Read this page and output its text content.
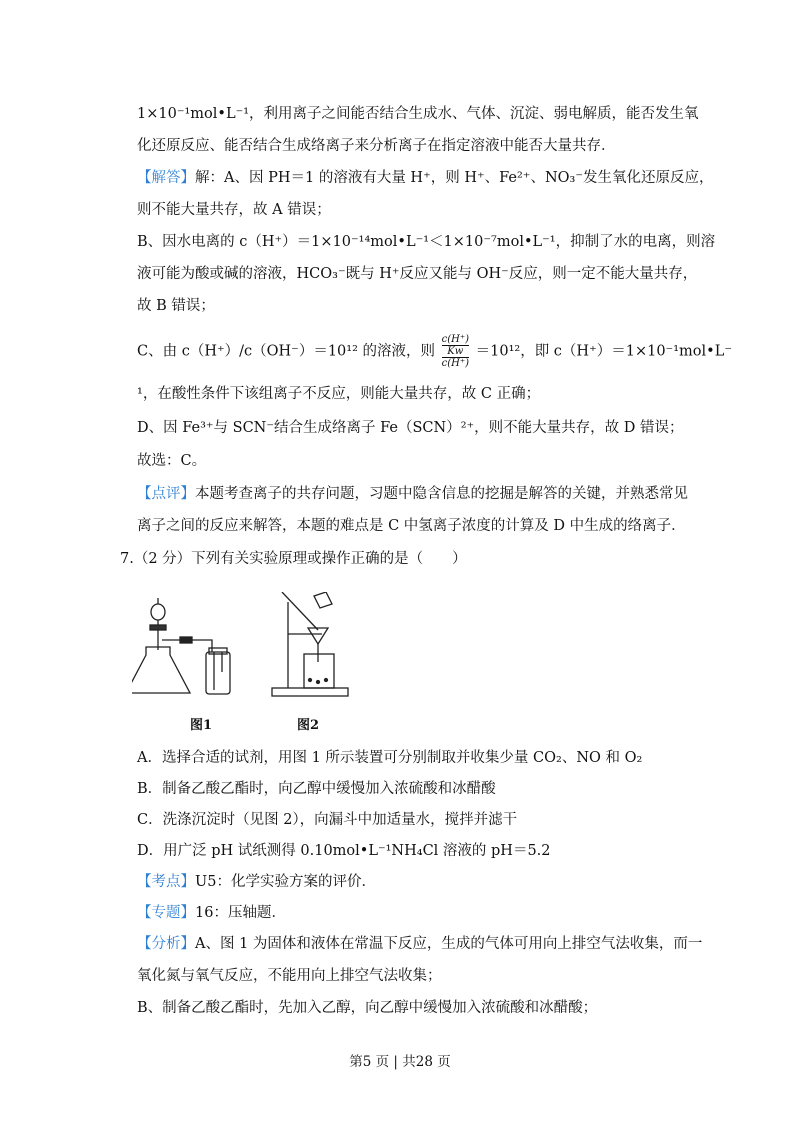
1×10⁻¹mol•L⁻¹，利用离子之间能否结合生成水、气体、沉淀、弱电解质，能否发生氧
化还原反应、能否结合生成络离子来分析离子在指定溶液中能否大量共存．
【解答】解：A、因 PH＝1 的溶液有大量 H⁺，则 H⁺、Fe²⁺、NO₃⁻发生氧化还原反应，
则不能大量共存，故 A 错误；
B、因水电离的 c（H⁺）＝1×10⁻¹⁴mol•L⁻¹＜1×10⁻⁷mol•L⁻¹，抑制了水的电离，则溶
液可能为酸或碱的溶液，HCO₃⁻既与 H⁺反应又能与 OH⁻反应，则一定不能大量共存，
故 B 错误；
C、由 c（H⁺）/c（OH⁻）＝10¹² 的溶液，则
c(H⁺)
Kw
c(H⁺)
＝10¹²，即 c（H⁺）＝1×10⁻¹mol•L⁻
¹，在酸性条件下该组离子不反应，则能大量共存，故 C 正确；
D、因 Fe³⁺与 SCN⁻结合生成络离子 Fe（SCN）²⁺，则不能大量共存，故 D 错误；
故选：C。
【点评】本题考查离子的共存问题，习题中隐含信息的挖掘是解答的关键，并熟悉常见
离子之间的反应来解答，本题的难点是 C 中氢离子浓度的计算及 D 中生成的络离子．
7.（2 分）下列有关实验原理或操作正确的是（　　）
图1	图2
A．选择合适的试剂，用图 1 所示装置可分别制取并收集少量 CO₂、NO 和 O₂
B．制备乙酸乙酯时，向乙醇中缓慢加入浓硫酸和冰醋酸
C．洗涤沉淀时（见图 2），向漏斗中加适量水，搅拌并滤干
D．用广泛 pH 试纸测得 0.10mol•L⁻¹NH₄Cl 溶液的 pH＝5.2
【考点】U5：化学实验方案的评价．
【专题】16：压轴题．
【分析】A、图 1 为固体和液体在常温下反应，生成的气体可用向上排空气法收集，而一
氧化氮与氧气反应，不能用向上排空气法收集；
B、制备乙酸乙酯时，先加入乙醇，向乙醇中缓慢加入浓硫酸和冰醋酸；
第5 页 | 共28 页
